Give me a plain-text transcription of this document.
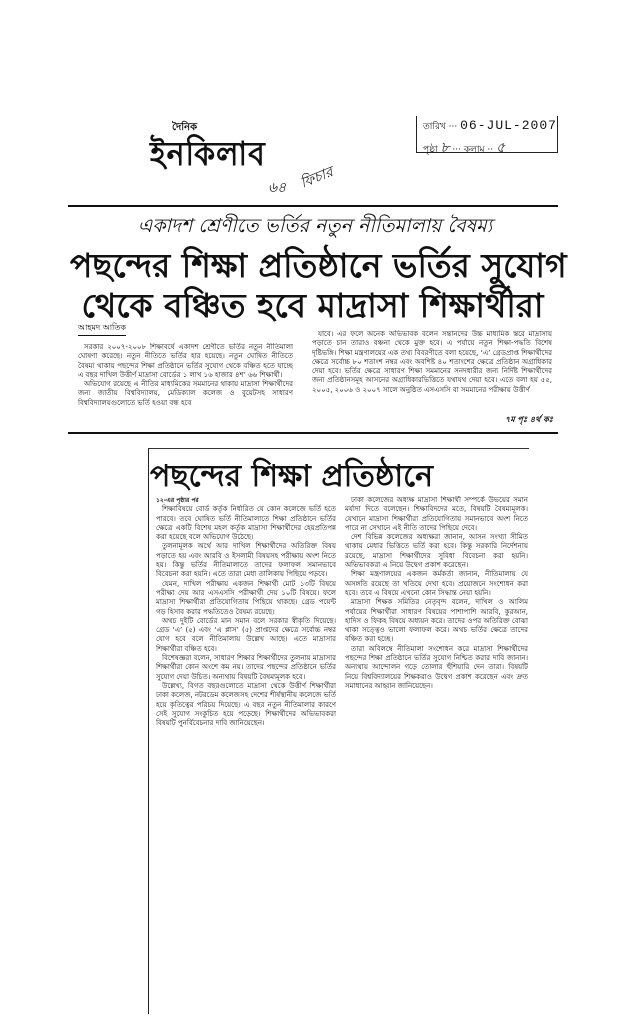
দৈনিক
ইনকিলাব
তারিখ ··· 06-JUL-2007
পৃষ্ঠা ৮ ··· কলাম ·· ৫
৬৪ ফিচার
একাদশ শ্রেণীতে ভর্তির নতুন নীতিমালায় বৈষম্য
পছন্দের শিক্ষা প্রতিষ্ঠানে ভর্তির সুযোগ
থেকে বঞ্চিত হবে মাদ্রাসা শিক্ষার্থীরা
আহমদ আতিক

সরকার ২০০৭-২০০৮ শিক্ষাবর্ষে একাদশ শ্রেণীতে ভর্তির নতুন নীতিমালা ঘোষণা করেছে। নতুন নীতিতে ভর্তির হার হয়েছে। নতুন ঘোষিত নীতিতে বৈষম্য থাকায় পছন্দের শিক্ষা প্রতিষ্ঠানে ভর্তির সুযোগ থেকে বঞ্চিত হতে যাচ্ছে এ বছর দাখিল উত্তীর্ণ মাদ্রাসা বোর্ডের ১ লাখ ১৬ হাজার ৪শ’ ৬৬ শিক্ষার্থী।

অভিযোগ রয়েছে এ নীতির মাধ্যমিকের সমমানের থাকায় মাদ্রাসা শিক্ষার্থীদের জন্য জাতীয় বিশ্ববিদ্যালয়, মেডিক্যাল কলেজ ও বুয়েটসহ সাধারণ বিশ্ববিদ্যালয়গুলোতে ভর্তি হওয়া বন্ধ হবে

যাবে। এর ফলে অনেক অভিভাবক বলেন সন্তানদের উচ্চ মাধ্যমিক স্তরে মাদ্রাসায় পড়াতে চান তারাও বঞ্চনা থেকে মুক্ত হবে। এ পর্যায়ে নতুন শিক্ষা-পদ্ধতি বিশেষ দৃষ্টিভঙ্গি। শিক্ষা মন্ত্রণালয়ের এক তথ্য বিবরণীতে বলা হয়েছে, ‘এ’ গ্রেডপ্রাপ্ত শিক্ষার্থীদের ক্ষেত্রে সর্বোচ্চ ৮০ শতাংশ নম্বর এবং অবশিষ্ট ৪০ শতাংশের ক্ষেত্রে প্রতিষ্ঠান অগ্রাধিকার দেয়া হবে। ভর্তির ক্ষেত্রে সাধারণ শিক্ষা সমমানের সনদধারীর জন্য নির্দিষ্ট শিক্ষার্থীদের জন্য প্রতিষ্ঠানসমূহ আসনের অগ্রাধিকারভিত্তিতে যথাযথ দেয়া হবে। এতে বলা হয় ৫৫, ২০০৫, ২০০৬ ও ২০০৭ সালে অনুষ্ঠিত এসএসসি বা সমমানের পরীক্ষায় উত্তীর্ণ

৭ম পৃঃ ৪র্থ কঃ
পছন্দের শিক্ষা প্রতিষ্ঠানে
১২-এর পৃষ্ঠার পর

শিক্ষাবিষয়ে বোর্ড কর্তৃক নির্ধারিত যে কোন কলেজে ভর্তি হতে পারবে। তবে ঘোষিত ভর্তি নীতিমালাতে শিক্ষা প্রতিষ্ঠানে ভর্তির ক্ষেত্রে একটি বিশেষ মহল কর্তৃক মাদ্রাসা শিক্ষার্থীদের হেয়প্রতিপন্ন করা হয়েছে বলে অভিযোগ উঠেছে।

তুলনামূলক অর্থে আর দাখিল শিক্ষার্থীদের অতিরিক্ত বিষয় পড়াতে হয় এবং আরবি ও ইসলামী বিষয়সহ পরীক্ষায় অংশ নিতে হয়। কিন্তু ভর্তির নীতিমালাতে তাদের ফলাফল সমানভাবে বিবেচনা করা হয়নি। এতে তারা মেধা তালিকায় পিছিয়ে পড়বে।

যেমন, দাখিল পরীক্ষায় একজন শিক্ষার্থী মোট ১৩টি বিষয়ে পরীক্ষা দেয় আর এসএসসি পরীক্ষার্থী দেয় ১০টি বিষয়ে। ফলে মাদ্রাসা শিক্ষার্থীরা প্রতিযোগিতায় পিছিয়ে থাকছে। গ্রেড পয়েন্ট গড় হিসাব করার পদ্ধতিতেও বৈষম্য রয়েছে।

অথচ দুইটি বোর্ডের মান সমান বলে সরকার স্বীকৃতি দিয়েছে। গ্রেড ‘এ’ (৫) এবং ‘এ প্লাস’ (৫) প্রাপ্তদের ক্ষেত্রে সর্বোচ্চ নম্বর যোগ হবে বলে নীতিমালায় উল্লেখ আছে। এতে মাদ্রাসার শিক্ষার্থীরা বঞ্চিত হবে।

বিশেষজ্ঞরা বলেন, সাধারণ শিক্ষার শিক্ষার্থীদের তুলনায় মাদ্রাসার শিক্ষার্থীরা কোন অংশে কম নয়। তাদের পছন্দের প্রতিষ্ঠানে ভর্তির সুযোগ দেয়া উচিত। অন্যথায় বিষয়টি বৈষম্যমূলক হবে।

উল্লেখ্য, বিগত বছরগুলোতে মাদ্রাসা থেকে উত্তীর্ণ শিক্ষার্থীরা ঢাকা কলেজ, নটরডেম কলেজসহ দেশের শীর্ষস্থানীয় কলেজে ভর্তি হয়ে কৃতিত্বের পরিচয় দিয়েছে। এ বছর নতুন নীতিমালার কারণে সেই সুযোগ সংকুচিত হয়ে পড়েছে। শিক্ষার্থীদের অভিভাবকরা বিষয়টি পুনর্বিবেচনার দাবি জানিয়েছেন।

ঢাকা কলেজের অধ্যক্ষ মাদ্রাসা শিক্ষার্থী সম্পর্কে উভয়ের সমান মর্যাদা দিতে বলেছেন। শিক্ষাবিদদের মতে, বিষয়টি বৈষম্যমূলক। যেখানে মাদ্রাসা শিক্ষার্থীরা প্রতিযোগিতায় সমানভাবে অংশ নিতে পারে না সেখানে এই নীতি তাদের পিছিয়ে দেবে।

দেশ বিভিন্ন কলেজের অধ্যক্ষরা জানান, আসন সংখ্যা সীমিত থাকায় মেধার ভিত্তিতে ভর্তি করা হবে। কিন্তু সরকারি নির্দেশনায় রয়েছে, মাদ্রাসা শিক্ষার্থীদের সুবিধা বিবেচনা করা হয়নি। অভিভাবকরা এ নিয়ে উদ্বেগ প্রকাশ করেছেন।

শিক্ষা মন্ত্রণালয়ের একজন কর্মকর্তা জানান, নীতিমালায় যে অসঙ্গতি রয়েছে তা খতিয়ে দেখা হবে। প্রয়োজনে সংশোধন করা হবে। তবে এ বিষয়ে এখনো কোন সিদ্ধান্ত নেয়া হয়নি।

মাদ্রাসা শিক্ষক সমিতির নেতৃবৃন্দ বলেন, দাখিল ও আলিম পর্যায়ের শিক্ষার্থীরা সাধারণ বিষয়ের পাশাপাশি আরবি, কুরআন, হাদিস ও ফিকহ বিষয়ে অধ্যয়ন করে। তাদের ওপর অতিরিক্ত বোঝা থাকা সত্ত্বেও ভালো ফলাফল করে। অথচ ভর্তির ক্ষেত্রে তাদের বঞ্চিত করা হচ্ছে।

তারা অবিলম্বে নীতিমালা সংশোধন করে মাদ্রাসা শিক্ষার্থীদের পছন্দের শিক্ষা প্রতিষ্ঠানে ভর্তির সুযোগ নিশ্চিত করার দাবি জানান। অন্যথায় আন্দোলন গড়ে তোলার হুঁশিয়ারি দেন তারা। বিষয়টি নিয়ে বিশ্ববিদ্যালয়ের শিক্ষকরাও উদ্বেগ প্রকাশ করেছেন এবং দ্রুত সমাধানের আহ্বান জানিয়েছেন।
